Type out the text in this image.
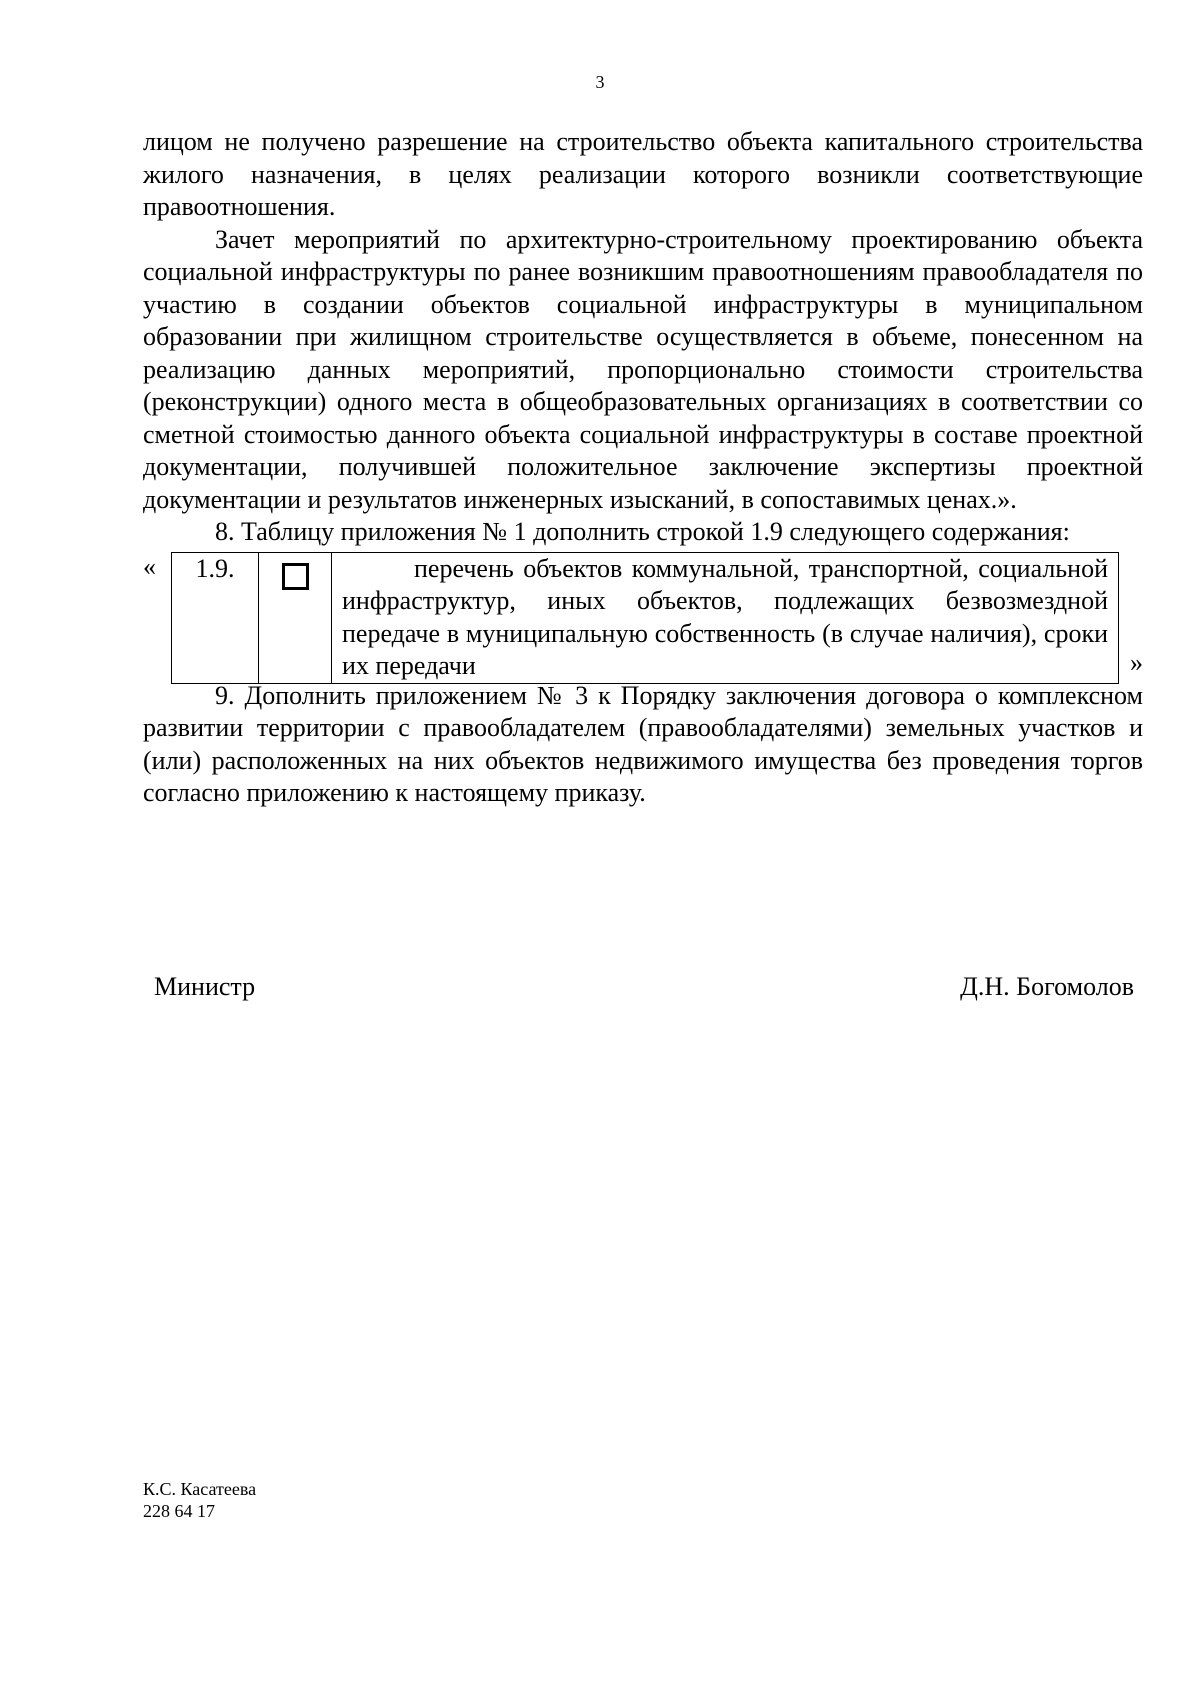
3

лицом не получено разрешение на строительство объекта капитального строительства жилого назначения, в целях реализации которого возникли соответствующие правоотношения.

Зачет мероприятий по архитектурно-строительному проектированию объекта социальной инфраструктуры по ранее возникшим правоотношениям правообладателя по участию в создании объектов социальной инфраструктуры в муниципальном образовании при жилищном строительстве осуществляется в объеме, понесенном на реализацию данных мероприятий, пропорционально стоимости строительства (реконструкции) одного места в общеобразовательных организациях в соответствии со сметной стоимостью данного объекта социальной инфраструктуры в составе проектной документации, получившей положительное заключение экспертизы проектной документации и результатов инженерных изысканий, в сопоставимых ценах.».

8. Таблицу приложения № 1 дополнить строкой 1.9 следующего содержания:

« 1.9.		перечень объектов коммунальной, транспортной, социальной инфраструктур, иных объектов, подлежащих безвозмездной передаче в муниципальную собственность (в случае наличия), сроки их передачи	»

9. Дополнить приложением № 3 к Порядку заключения договора о комплексном развитии территории с правообладателем (правообладателями) земельных участков и (или) расположенных на них объектов недвижимого имущества без проведения торгов согласно приложению к настоящему приказу.

Министр	Д.Н. Богомолов
К.С. Касатеева
228 64 17
